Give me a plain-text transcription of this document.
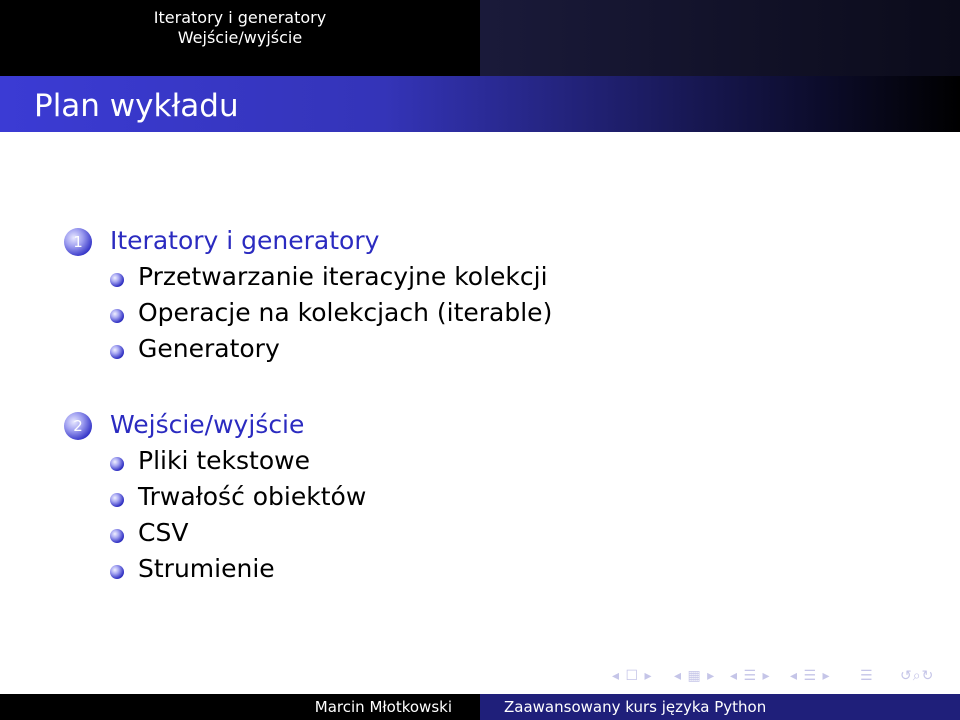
Iteratory i generatory
Wejście/wyjście
Plan wykładu
1	Iteratory i generatory
Przetwarzanie iteracyjne kolekcji
Operacje na kolekcjach (iterable)
Generatory
2	Wejście/wyjście
Pliki tekstowe
Trwałość obiektów
CSV
Strumienie
◂ ☐ ▸ ◂ ▦ ▸ ◂ ☰ ▸ ◂ ☰ ▸ ☰ ↺⌕↻
Marcin Młotkowski	Zaawansowany kurs języka Python
